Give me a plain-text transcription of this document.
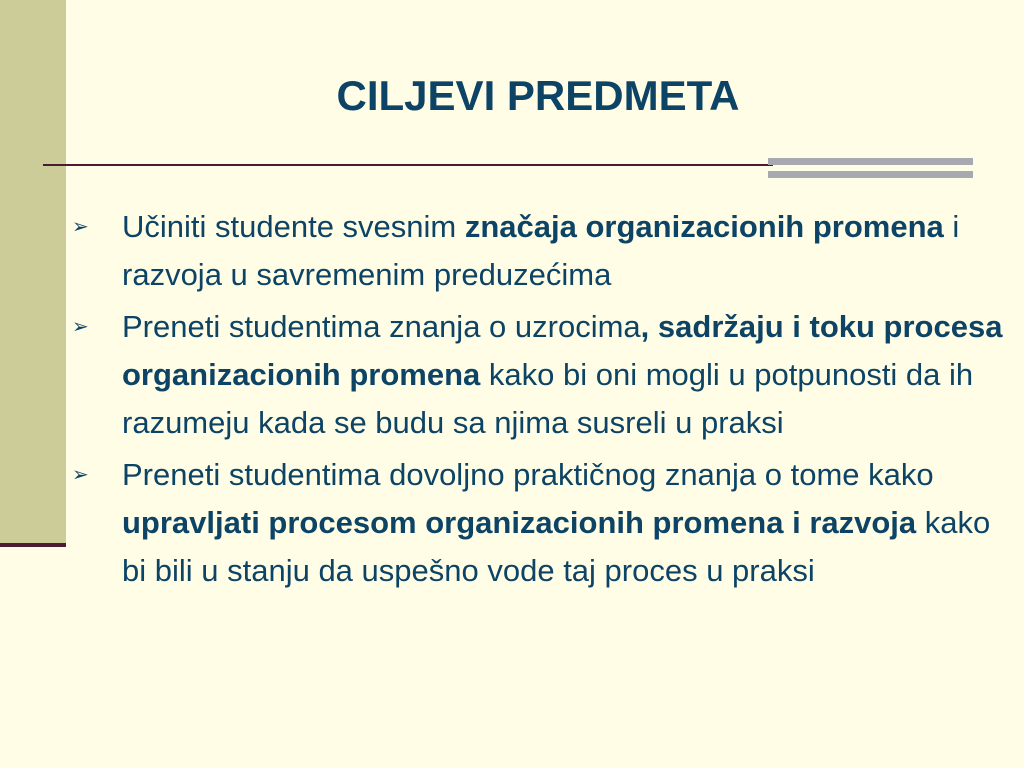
CILJEVI PREDMETA
➢ Učiniti studente svesnim značaja organizacionih promena i razvoja u savremenim preduzećima
➢ Preneti studentima znanja o uzrocima, sadržaju i toku procesa organizacionih promena kako bi oni mogli u potpunosti da ih razumeju kada se budu sa njima susreli u praksi
➢ Preneti studentima dovoljno praktičnog znanja o tome kako upravljati procesom organizacionih promena i razvoja kako bi bili u stanju da uspešno vode taj proces u praksi
